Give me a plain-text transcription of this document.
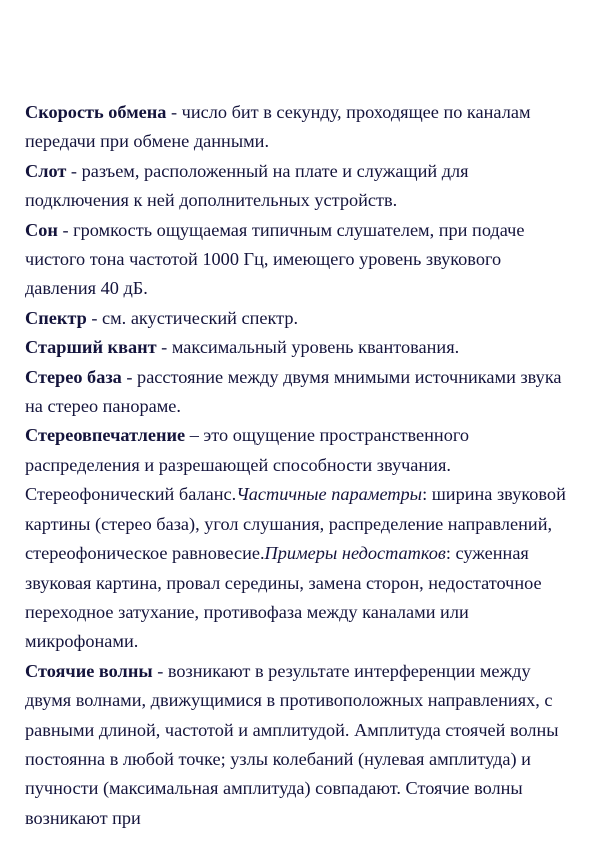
Скорость обмена - число бит в секунду, проходящее по каналам передачи при обмене данными.

Слот - разъем, расположенный на плате и служащий для подключения к ней дополнительных устройств.

Сон - громкость ощущаемая типичным слушателем, при подаче чистого тона частотой 1000 Гц, имеющего уровень звукового давления 40 дБ.

Спектр - см. акустический спектр.

Старший квант - максимальный уровень квантования.

Стерео база - расстояние между двумя мнимыми источниками звука на стерео панораме.

Стереовпечатление – это ощущение пространственного распределения и разрешающей способности звучания. Стереофонический баланс.Частичные параметры: ширина звуковой картины (стерео база), угол слушания, распределение направлений, стереофоническое равновесие.Примеры недостатков: суженная звуковая картина, провал середины, замена сторон, недостаточное переходное затухание, противофаза между каналами или микрофонами.

Стоячие волны - возникают в результате интерференции между двумя волнами, движущимися в противоположных направлениях, с равными длиной, частотой и амплитудой. Амплитуда стоячей волны постоянна в любой точке; узлы колебаний (нулевая амплитуда) и пучности (максимальная амплитуда) совпадают. Стоячие волны возникают при
